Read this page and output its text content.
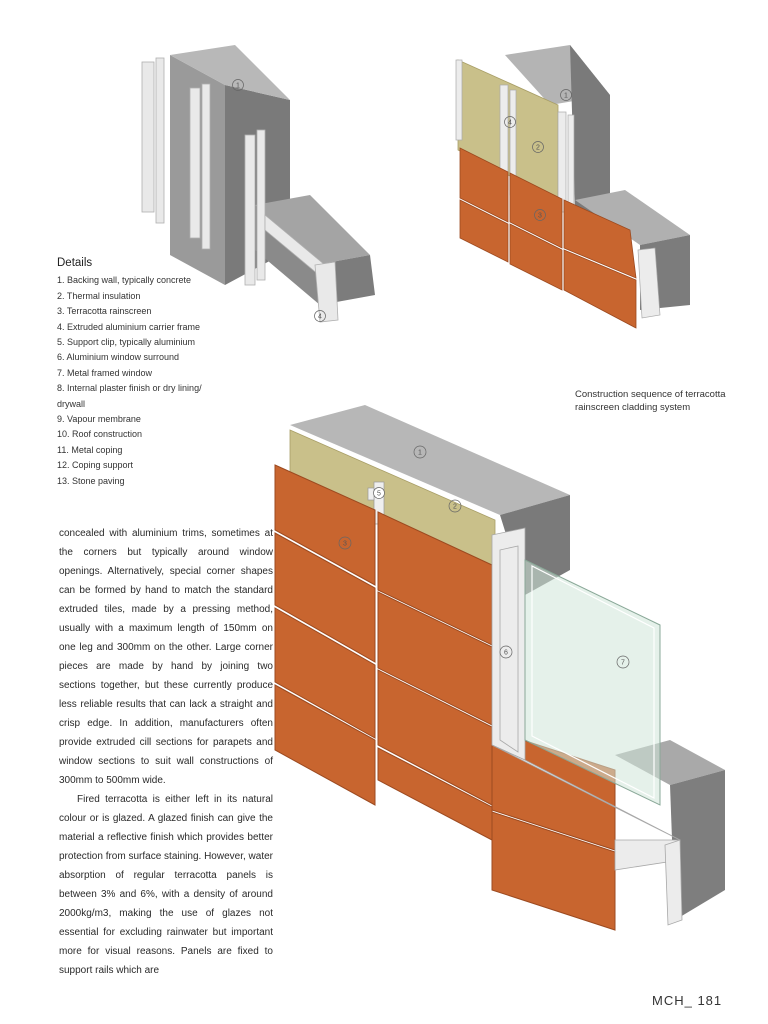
1
4
1
2
3
4
Details
1. Backing wall, typically concrete
2. Thermal insulation
3. Terracotta rainscreen
4. Extruded aluminium carrier frame
5. Support clip, typically aluminium
6. Aluminium window surround
7. Metal framed window
8. Internal plaster finish or dry lining/
drywall
9. Vapour membrane
10. Roof construction
11. Metal coping
12. Coping support
13. Stone paving
Construction sequence of terracotta rainscreen cladding system
1
2
3
5
6
7

concealed with aluminium trims, sometimes at the corners but typically around window openings. Alternatively, special corner shapes can be formed by hand to match the standard extruded tiles, made by a pressing method, usually with a maximum length of 150mm on one leg and 300mm on the other. Large corner pieces are made by hand by joining two sections together, but these currently produce less reliable results that can lack a straight and crisp edge. In addition, manufacturers often provide extruded cill sections for parapets and window sections to suit wall constructions of 300mm to 500mm wide.

Fired terracotta is either left in its natural colour or is glazed. A glazed finish can give the material a reflective finish which provides better protection from surface staining. However, water absorption of regular terracotta panels is between 3% and 6%, with a density of around 2000kg/m3, making the use of glazes not essential for excluding rainwater but important more for visual reasons. Panels are fixed to support rails which are

MCH_ 181
